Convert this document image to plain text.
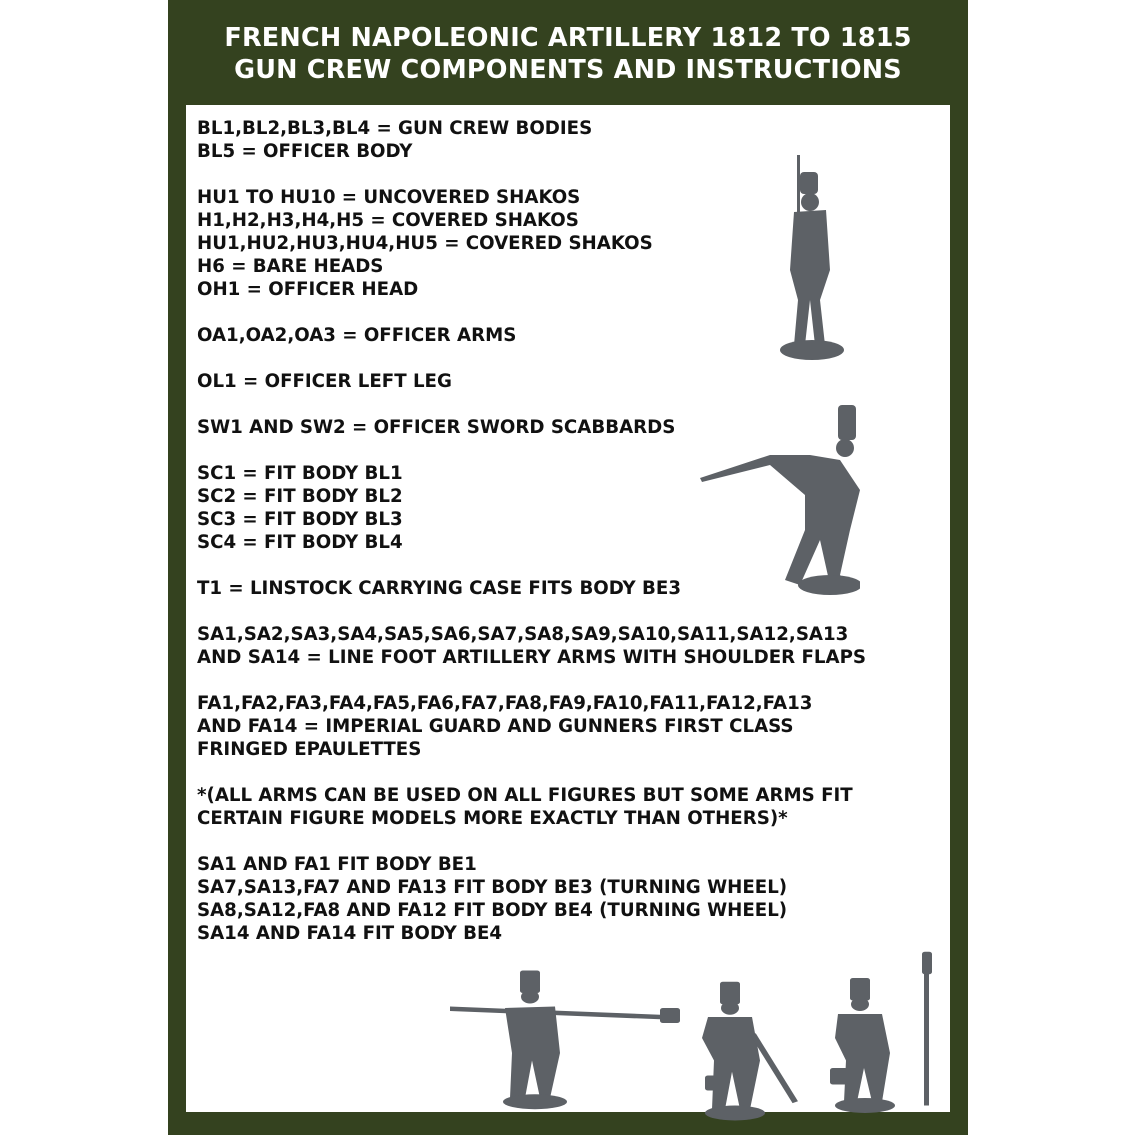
FRENCH NAPOLEONIC ARTILLERY 1812 TO 1815
GUN CREW COMPONENTS AND INSTRUCTIONS
BL1,BL2,BL3,BL4 = GUN CREW BODIES
BL5 = OFFICER BODY
HU1 TO HU10 = UNCOVERED SHAKOS
H1,H2,H3,H4,H5 = COVERED SHAKOS
HU1,HU2,HU3,HU4,HU5 = COVERED SHAKOS
H6 = BARE HEADS
OH1 = OFFICER HEAD
OA1,OA2,OA3 = OFFICER ARMS
OL1 = OFFICER LEFT LEG
SW1 AND SW2 = OFFICER SWORD SCABBARDS
SC1 = FIT BODY BL1
SC2 = FIT BODY BL2
SC3 = FIT BODY BL3
SC4 = FIT BODY BL4
T1 = LINSTOCK CARRYING CASE FITS BODY BE3
SA1,SA2,SA3,SA4,SA5,SA6,SA7,SA8,SA9,SA10,SA11,SA12,SA13
AND SA14 = LINE FOOT ARTILLERY ARMS WITH SHOULDER FLAPS
FA1,FA2,FA3,FA4,FA5,FA6,FA7,FA8,FA9,FA10,FA11,FA12,FA13
AND FA14 = IMPERIAL GUARD AND GUNNERS FIRST CLASS
FRINGED EPAULETTES
*(ALL ARMS CAN BE USED ON ALL FIGURES BUT SOME ARMS FIT
CERTAIN FIGURE MODELS MORE EXACTLY THAN OTHERS)*
SA1 AND FA1 FIT BODY BE1
SA7,SA13,FA7 AND FA13 FIT BODY BE3 (TURNING WHEEL)
SA8,SA12,FA8 AND FA12 FIT BODY BE4 (TURNING WHEEL)
SA14 AND FA14 FIT BODY BE4
